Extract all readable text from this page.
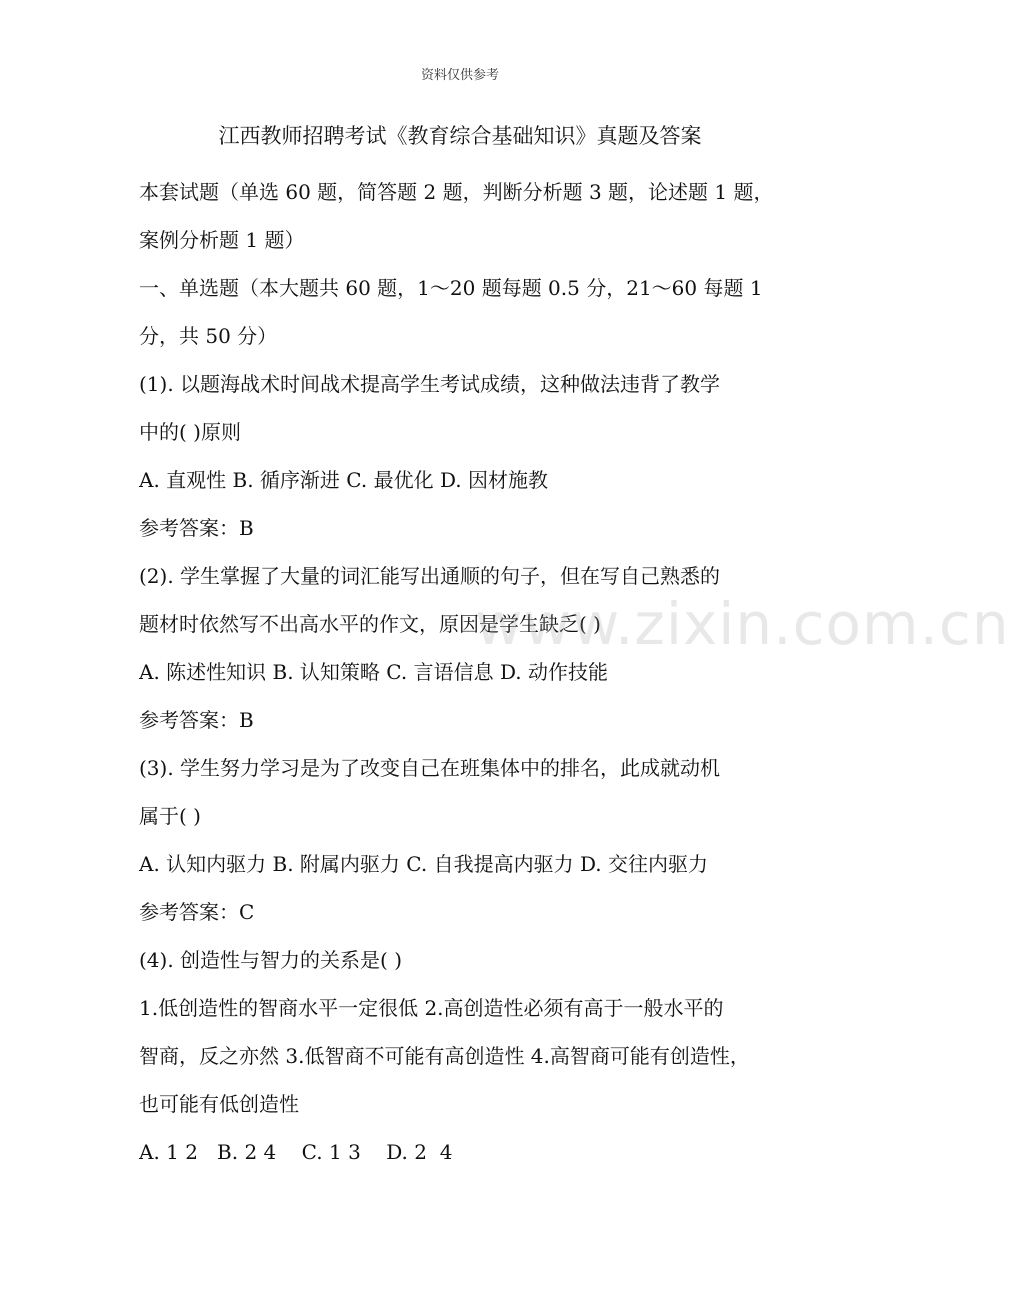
资料仅供参考
江西教师招聘考试《教育综合基础知识》真题及答案
本套试题（单选 60 题，简答题 2 题，判断分析题 3 题，论述题 1 题，
案例分析题 1 题）
一、单选题（本大题共 60 题，1～20 题每题 0.5 分，21～60 每题 1
分，共 50 分）
(1). 以题海战术时间战术提高学生考试成绩，这种做法违背了教学
中的( )原则
A. 直观性 B. 循序渐进 C. 最优化 D. 因材施教
参考答案：B
(2). 学生掌握了大量的词汇能写出通顺的句子，但在写自己熟悉的
题材时依然写不出高水平的作文，原因是学生缺乏( )
A. 陈述性知识 B. 认知策略 C. 言语信息 D. 动作技能
参考答案：B
(3). 学生努力学习是为了改变自己在班集体中的排名，此成就动机
属于( )
A. 认知内驱力 B. 附属内驱力 C. 自我提高内驱力 D. 交往内驱力
参考答案：C
(4). 创造性与智力的关系是( )
1.低创造性的智商水平一定很低 2.高创造性必须有高于一般水平的
智商，反之亦然 3.低智商不可能有高创造性 4.高智商可能有创造性，
也可能有低创造性
A. 1 2   B. 2 4    C. 1 3    D. 2  4
www.zixin.com.cn
